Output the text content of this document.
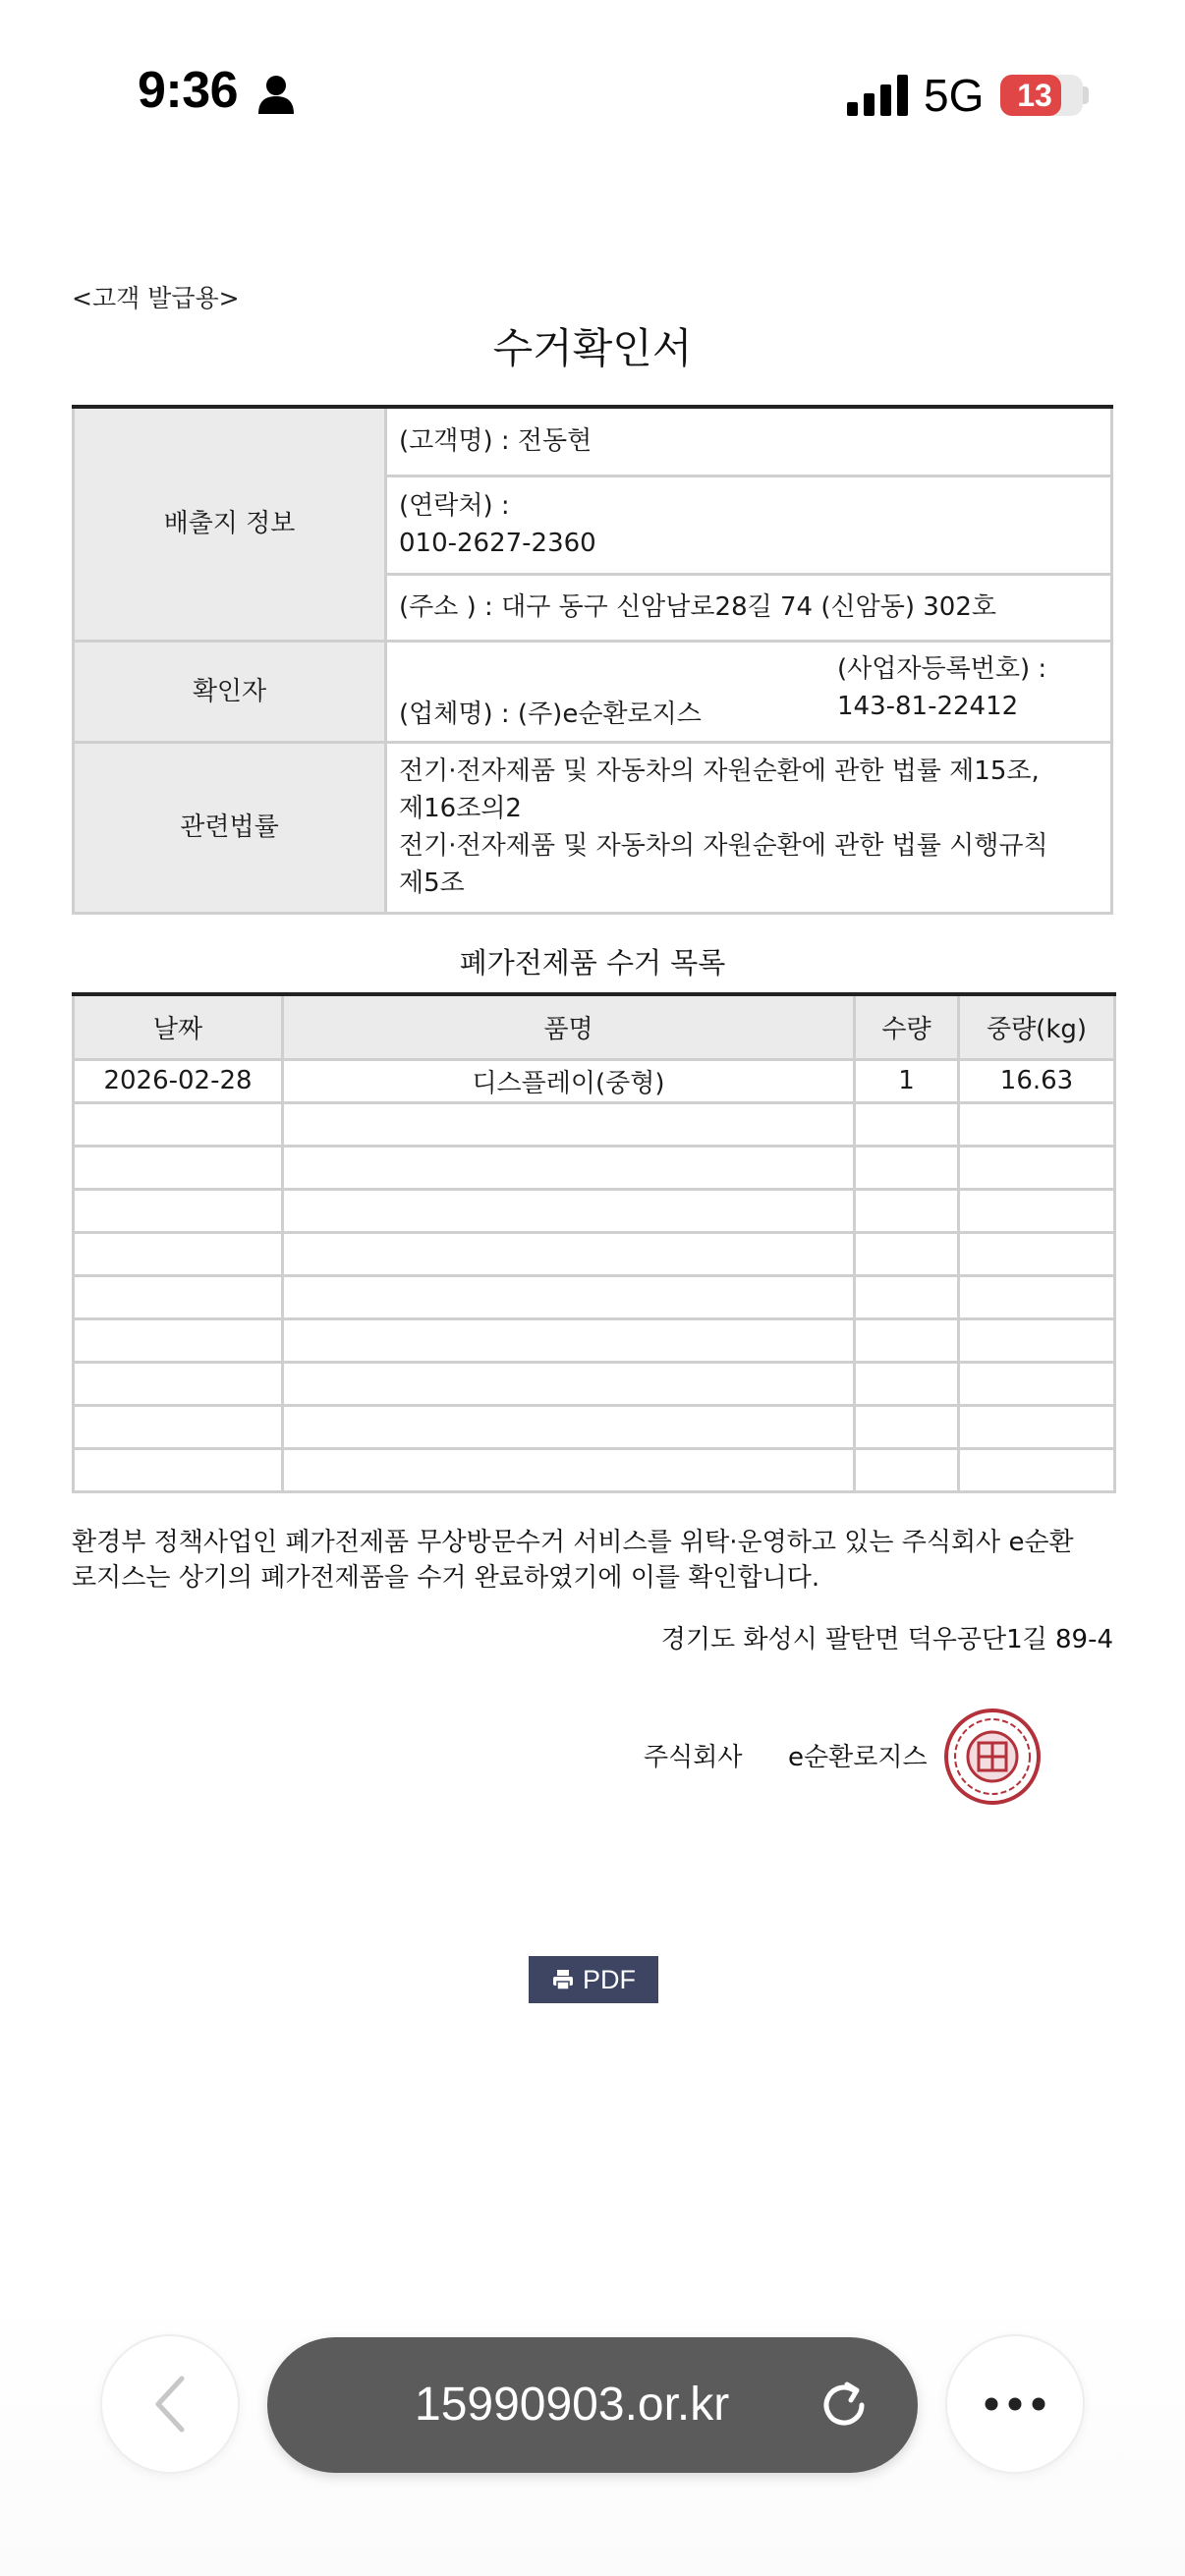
9:36	5G	13
<고객 발급용>
수거확인서
배출지 정보	(고객명) : 전동현

	(연락처) :
010-2627-2360

	(주소 ) : 대구 동구 신암남로28길 74 (신암동) 302호
확인자	(업체명) : (주)e순환로지스
(사업자등록번호) :
143-81-22412

관련법률	전기·전자제품 및 자동차의 자원순환에 관한 법률 제15조,
제16조의2
전기·전자제품 및 자동차의 자원순환에 관한 법률 시행규칙
제5조
폐가전제품 수거 목록
날짜	품명	수량	중량(kg)
2026-02-28	디스플레이(중형)	1	16.63

환경부 정책사업인 폐가전제품 무상방문수거 서비스를 위탁·운영하고 있는 주식회사 e순환
로지스는 상기의 폐가전제품을 수거 완료하였기에 이를 확인합니다.
경기도 화성시 팔탄면 덕우공단1길 89-4
주식회사 e순환로지스
PDF
15990903.or.kr
